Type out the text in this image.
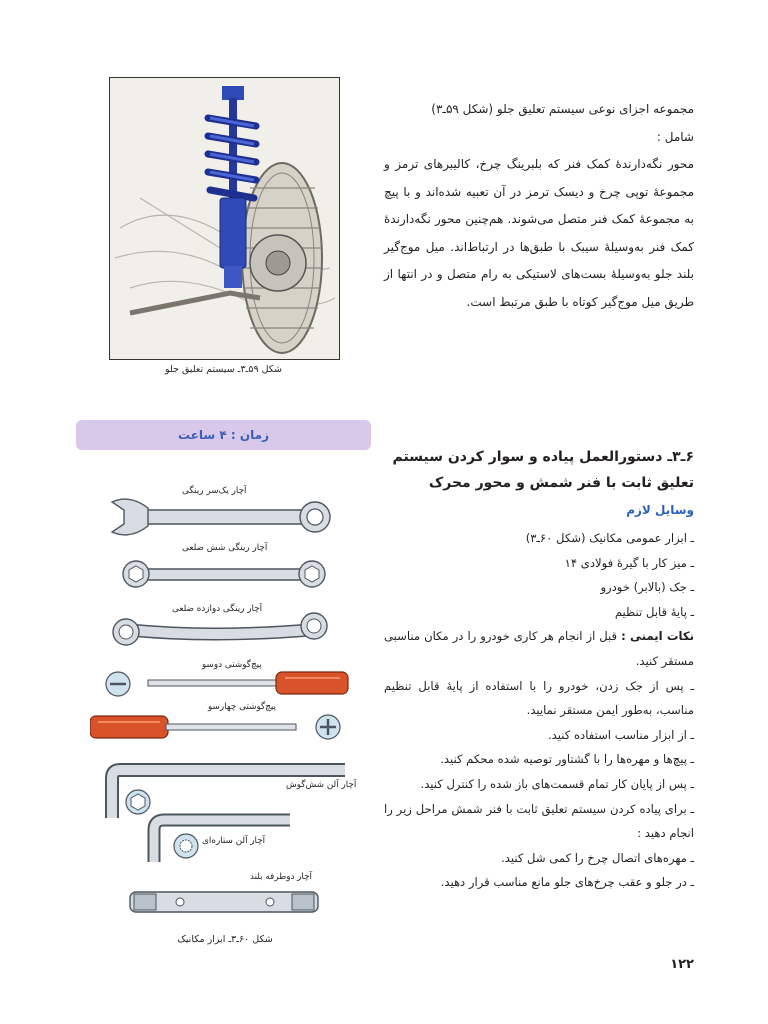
مجموعه اجزای نوعی سیستم تعلیق جلو (شکل ۵۹ـ۳)

شامل :

محور نگه‌دارندهٔ کمک فنر که بلبرینگ چرخ، کالیبرهای ترمز و مجموعهٔ توپی چرخ و دیسک ترمز در آن تعبیه شده‌اند و با پیچ به مجموعهٔ کمک فنر متصل می‌شوند. هم‌چنین محور نگه‌دارندهٔ کمک فنر به‌وسیلهٔ سیبک با طبق‌ها در ارتباط‌اند. میل موج‌گیر بلند جلو به‌وسیلهٔ بست‌های لاستیکی به رام متصل و در انتها از طریق میل موج‌گیر کوتاه با طبق مرتبط است.

شکل ۵۹ـ۳ـ سیستم تعلیق جلو
زمان : ۴ ساعت
آچار یک‌سر رینگی
آچار رینگی شش ضلعی
آچار رینگی دوازده ضلعی
پیچ‌گوشتی دوسو
پیچ‌گوشتی چهارسو
آچار آلن شش‌گوش
آچار آلن ستاره‌ای
آچار دوطرفه بلند
شکل ۶۰ـ۳ـ ابزار مکانیک
۶ـ۳ـ دستورالعمل پیاده و سوار کردن سیستم
تعلیق ثابت با فنر شمش و محور محرک
وسایل لازم
ـ ابزار عمومی مکانیک (شکل ۶۰ـ۳)
ـ میز کار با گیرهٔ فولادی ۱۴
ـ جک (بالابر) خودرو
ـ پایهٔ قابل تنظیم
نکات ایمنی : قبل از انجام هر کاری خودرو را در مکان مناسبی مستقر کنید.
ـ پس از جک زدن، خودرو را با استفاده از پایهٔ قابل تنظیم مناسب، به‌طور ایمن مستقر نمایید.
ـ از ابزار مناسب استفاده کنید.
ـ پیچ‌ها و مهره‌ها را با گشتاور توصیه شده محکم کنید.
ـ پس از پایان کار تمام قسمت‌های باز شده را کنترل کنید.
ـ برای پیاده کردن سیستم تعلیق ثابت با فنر شمش مراحل زیر را انجام دهید :
ـ مهره‌های اتصال چرخ را کمی شل کنید.
ـ در جلو و عقب چرخ‌های جلو مانع مناسب قرار دهید.
۱۲۲
